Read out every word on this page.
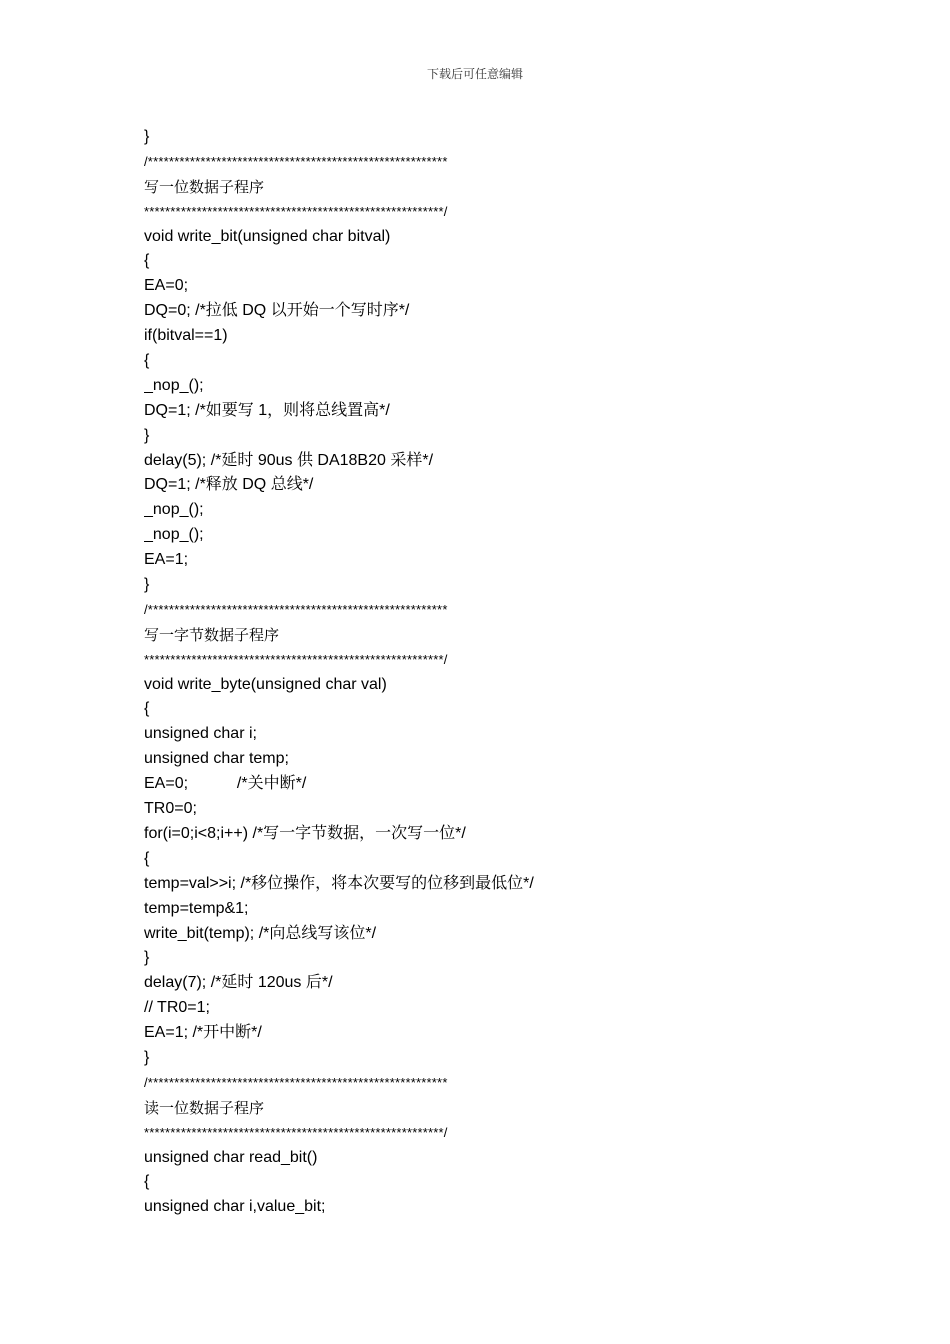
下载后可任意编辑
}
/*********************************************************
写一位数据子程序
*********************************************************/
void write_bit(unsigned char bitval)
{
EA=0;
DQ=0; /*拉低 DQ 以开始一个写时序*/
if(bitval==1)
{
_nop_();
DQ=1; /*如要写 1，则将总线置高*/
}
delay(5); /*延时 90us 供 DA18B20 采样*/
DQ=1; /*释放 DQ 总线*/
_nop_();
_nop_();
EA=1;
}
/*********************************************************
写一字节数据子程序
*********************************************************/
void write_byte(unsigned char val)
{
unsigned char i;
unsigned char temp;
EA=0;           /*关中断*/
TR0=0;
for(i=0;i<8;i++) /*写一字节数据，一次写一位*/
{
temp=val>>i; /*移位操作，将本次要写的位移到最低位*/
temp=temp&1;
write_bit(temp); /*向总线写该位*/
}
delay(7); /*延时 120us 后*/
// TR0=1;
EA=1; /*开中断*/
}
/*********************************************************
读一位数据子程序
*********************************************************/
unsigned char read_bit()
{
unsigned char i,value_bit;
